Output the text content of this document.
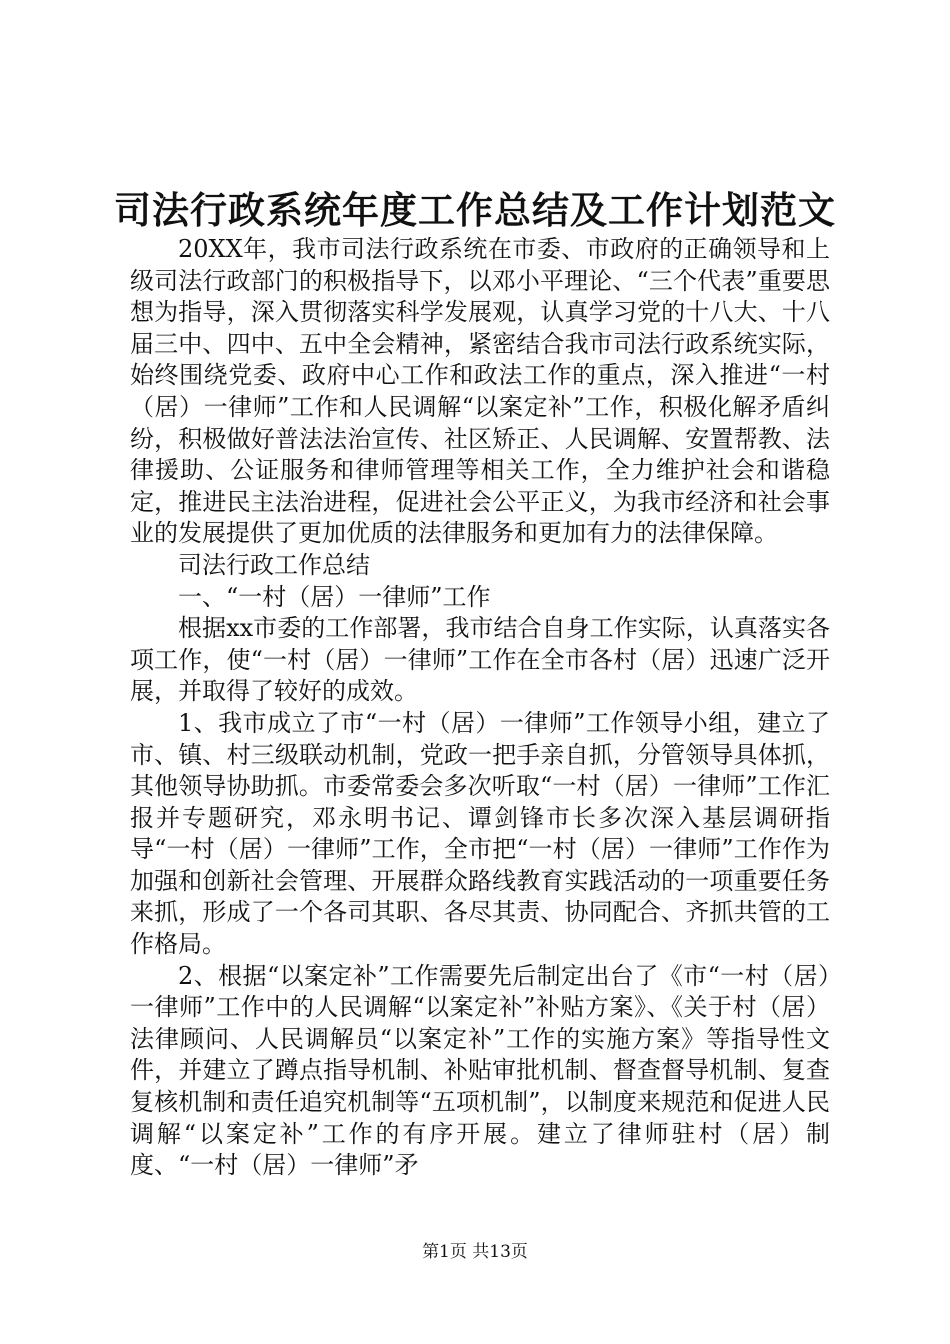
司法行政系统年度工作总结及工作计划范文

20XX年，我市司法行政系统在市委、市政府的正确领导和上级司法行政部门的积极指导下，以邓小平理论、“三个代表”重要思想为指导，深入贯彻落实科学发展观，认真学习党的十八大、十八届三中、四中、五中全会精神，紧密结合我市司法行政系统实际，始终围绕党委、政府中心工作和政法工作的重点，深入推进“一村（居）一律师”工作和人民调解“以案定补”工作，积极化解矛盾纠纷，积极做好普法法治宣传、社区矫正、人民调解、安置帮教、法律援助、公证服务和律师管理等相关工作，全力维护社会和谐稳定，推进民主法治进程，促进社会公平正义，为我市经济和社会事业的发展提供了更加优质的法律服务和更加有力的法律保障。

司法行政工作总结

一、“一村（居）一律师”工作

根据xx市委的工作部署，我市结合自身工作实际，认真落实各项工作，使“一村（居）一律师”工作在全市各村（居）迅速广泛开展，并取得了较好的成效。

1、我市成立了市“一村（居）一律师”工作领导小组，建立了市、镇、村三级联动机制，党政一把手亲自抓，分管领导具体抓，其他领导协助抓。市委常委会多次听取“一村（居）一律师”工作汇报并专题研究，邓永明书记、谭剑锋市长多次深入基层调研指导“一村（居）一律师”工作，全市把“一村（居）一律师”工作作为加强和创新社会管理、开展群众路线教育实践活动的一项重要任务来抓，形成了一个各司其职、各尽其责、协同配合、齐抓共管的工作格局。

2、根据“以案定补”工作需要先后制定出台了《市“一村（居）一律师”工作中的人民调解“以案定补”补贴方案》、《关于村（居）法律顾问、人民调解员“以案定补”工作的实施方案》等指导性文件，并建立了蹲点指导机制、补贴审批机制、督查督导机制、复查复核机制和责任追究机制等“五项机制”，以制度来规范和促进人民调解“以案定补”工作的有序开展。建立了律师驻村（居）制度、“一村（居）一律师”矛

第1页 共13页
